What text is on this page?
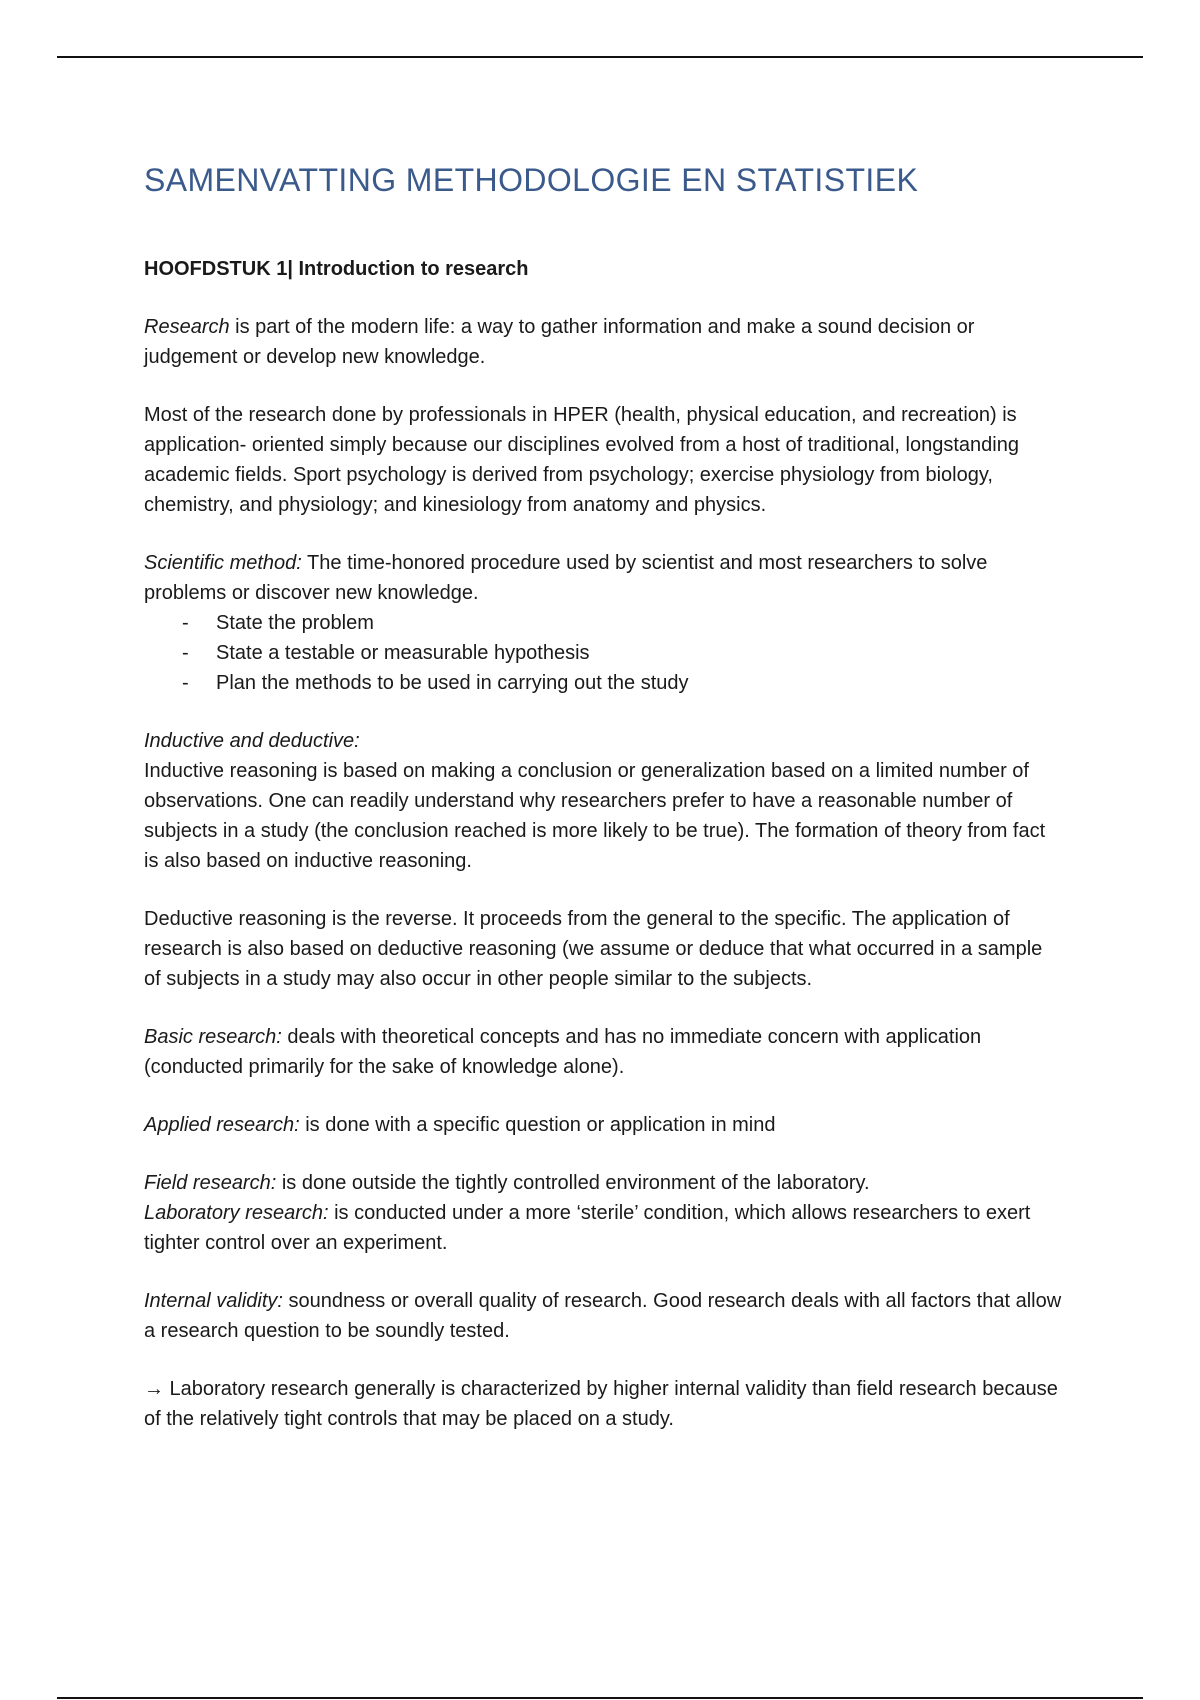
SAMENVATTING METHODOLOGIE EN STATISTIEK

HOOFDSTUK 1| Introduction to research

Research is part of the modern life: a way to gather information and make a sound decision or judgement or develop new knowledge.

Most of the research done by professionals in HPER (health, physical education, and recreation) is application- oriented simply because our disciplines evolved from a host of traditional, longstanding academic fields. Sport psychology is derived from psychology; exercise physiology from biology, chemistry, and physiology; and kinesiology from anatomy and physics.

Scientific method: The time-honored procedure used by scientist and most researchers to solve problems or discover new knowledge.

- State the problem
- State a testable or measurable hypothesis
- Plan the methods to be used in carrying out the study

Inductive and deductive:

Inductive reasoning is based on making a conclusion or generalization based on a limited number of observations. One can readily understand why researchers prefer to have a reasonable number of subjects in a study (the conclusion reached is more likely to be true). The formation of theory from fact is also based on inductive reasoning.

Deductive reasoning is the reverse. It proceeds from the general to the specific. The application of research is also based on deductive reasoning (we assume or deduce that what occurred in a sample of subjects in a study may also occur in other people similar to the subjects.

Basic research: deals with theoretical concepts and has no immediate concern with application (conducted primarily for the sake of knowledge alone).

Applied research: is done with a specific question or application in mind

Field research: is done outside the tightly controlled environment of the laboratory.

Laboratory research: is conducted under a more ‘sterile’ condition, which allows researchers to exert tighter control over an experiment.

Internal validity: soundness or overall quality of research. Good research deals with all factors that allow a research question to be soundly tested.

→ Laboratory research generally is characterized by higher internal validity than field research because of the relatively tight controls that may be placed on a study.
